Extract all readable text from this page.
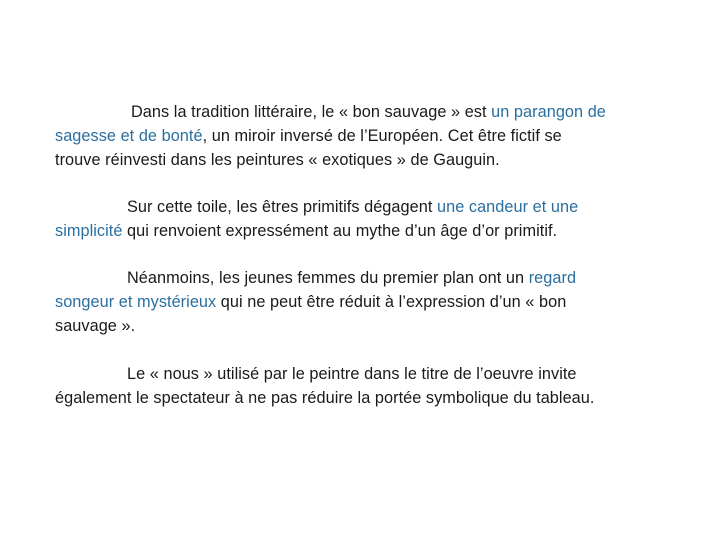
Dans la tradition littéraire, le « bon sauvage » est un parangon de
sagesse et de bonté, un miroir inversé de l’Européen. Cet être fictif se
trouve réinvesti dans les peintures « exotiques » de Gauguin.

Sur cette toile, les êtres primitifs dégagent une candeur et une
simplicité qui renvoient expressément au mythe d’un âge d’or primitif.

Néanmoins, les jeunes femmes du premier plan ont un regard
songeur et mystérieux qui ne peut être réduit à l’expression d’un « bon
sauvage ».

Le « nous » utilisé par le peintre dans le titre de l’oeuvre invite
également le spectateur à ne pas réduire la portée symbolique du tableau.
